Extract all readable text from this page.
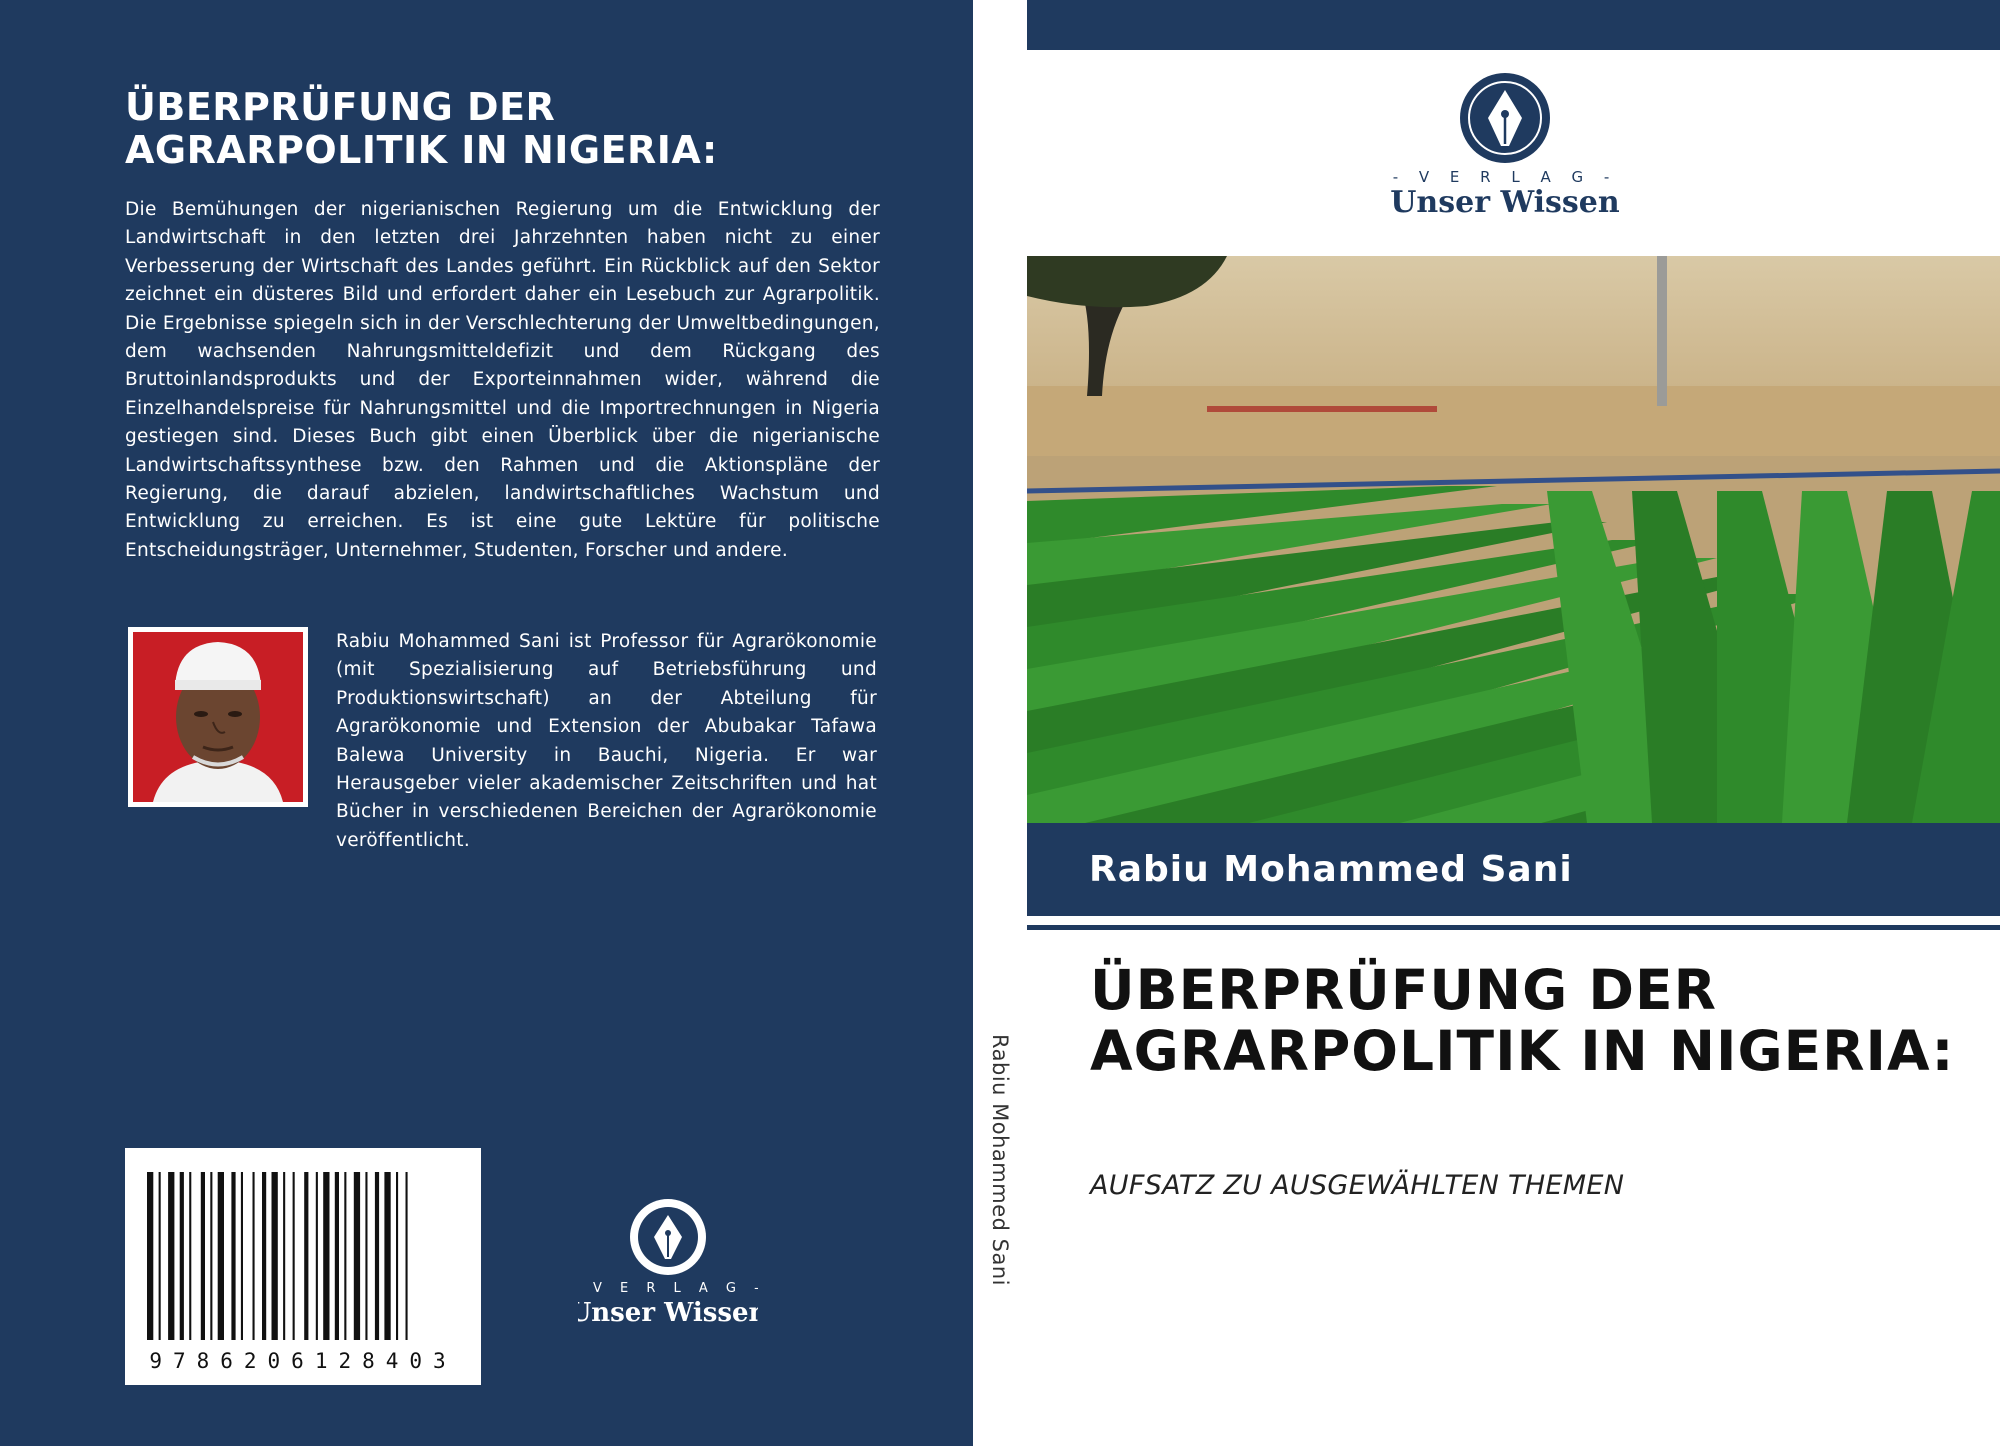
ÜBERPRÜFUNG DER AGRARPOLITIK IN NIGERIA:
Die Bemühungen der nigerianischen Regierung um die Entwicklung der Landwirtschaft in den letzten drei Jahrzehnten haben nicht zu einer Verbesserung der Wirtschaft des Landes geführt. Ein Rückblick auf den Sektor zeichnet ein düsteres Bild und erfordert daher ein Lesebuch zur Agrarpolitik. Die Ergebnisse spiegeln sich in der Verschlechterung der Umweltbedingungen, dem wachsenden Nahrungsmitteldefizit und dem Rückgang des Bruttoinlandsprodukts und der Exporteinnahmen wider, während die Einzelhandelspreise für Nahrungsmittel und die Importrechnungen in Nigeria gestiegen sind. Dieses Buch gibt einen Überblick über die nigerianische Landwirtschaftssynthese bzw. den Rahmen und die Aktionspläne der Regierung, die darauf abzielen, landwirtschaftliches Wachstum und Entwicklung zu erreichen. Es ist eine gute Lektüre für politische Entscheidungsträger, Unternehmer, Studenten, Forscher und andere.
Rabiu Mohammed Sani ist Professor für Agrarökonomie (mit Spezialisierung auf Betriebsführung und Produktionswirtschaft) an der Abteilung für Agrarökonomie und Extension der Abubakar Tafawa Balewa University in Bauchi, Nigeria. Er war Herausgeber vieler akademischer Zeitschriften und hat Bücher in verschiedenen Bereichen der Agrarökonomie veröffentlicht.
9786206128403
- V E R L A G -
Unser Wissen
Rabiu Mohammed Sani
- V E R L A G -
Unser Wissen
Rabiu Mohammed Sani
ÜBERPRÜFUNG DER AGRARPOLITIK IN NIGERIA:
AUFSATZ ZU AUSGEWÄHLTEN THEMEN
